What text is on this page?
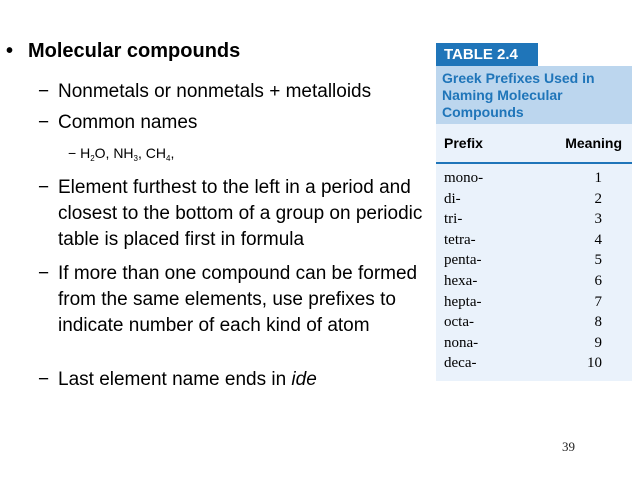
• Molecular compounds
− Nonmetals or nonmetals + metalloids
− Common names
− $H_2O$, $NH_3$, $CH_4$,
− Element furthest to the left in a period and closest to the bottom of a group on periodic table is placed first in formula
− If more than one compound can be formed from the same elements, use prefixes to indicate number of each kind of atom
− Last element name ends in ide
TABLE 2.4
Greek Prefixes Used in Naming Molecular Compounds
Prefix	Meaning
mono-	1
di-	2
tri-	3
tetra-	4
penta-	5
hexa-	6
hepta-	7
octa-	8
nona-	9
deca-	10
39
